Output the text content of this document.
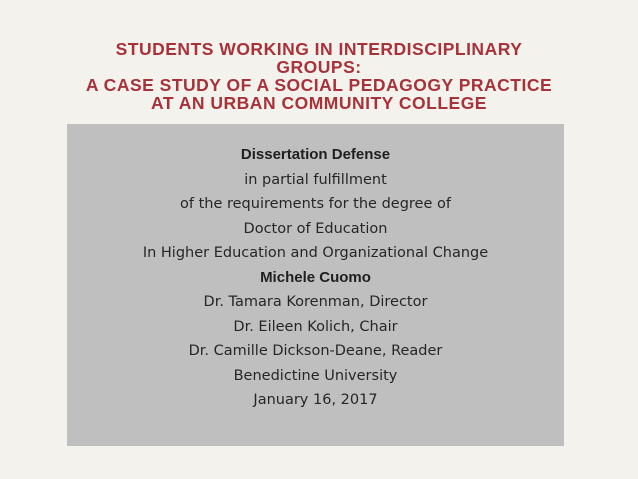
STUDENTS WORKING IN INTERDISCIPLINARY
GROUPS:
A CASE STUDY OF A SOCIAL PEDAGOGY PRACTICE
AT AN URBAN COMMUNITY COLLEGE
Dissertation Defense
in partial fulfillment
of the requirements for the degree of
Doctor of Education
In Higher Education and Organizational Change
Michele Cuomo
Dr. Tamara Korenman, Director
Dr. Eileen Kolich, Chair
Dr. Camille Dickson-Deane, Reader
Benedictine University
January 16, 2017
